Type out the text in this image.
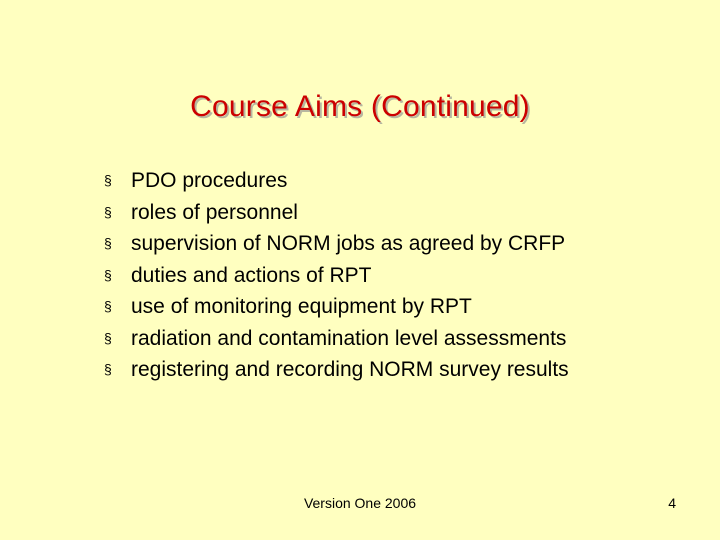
Course Aims (Continued)
§ PDO procedures
§ roles of personnel
§ supervision of NORM jobs as agreed by CRFP
§ duties and actions of RPT
§ use of monitoring equipment by RPT
§ radiation and contamination level assessments
§ registering and recording NORM survey results
Version One 2006	4
